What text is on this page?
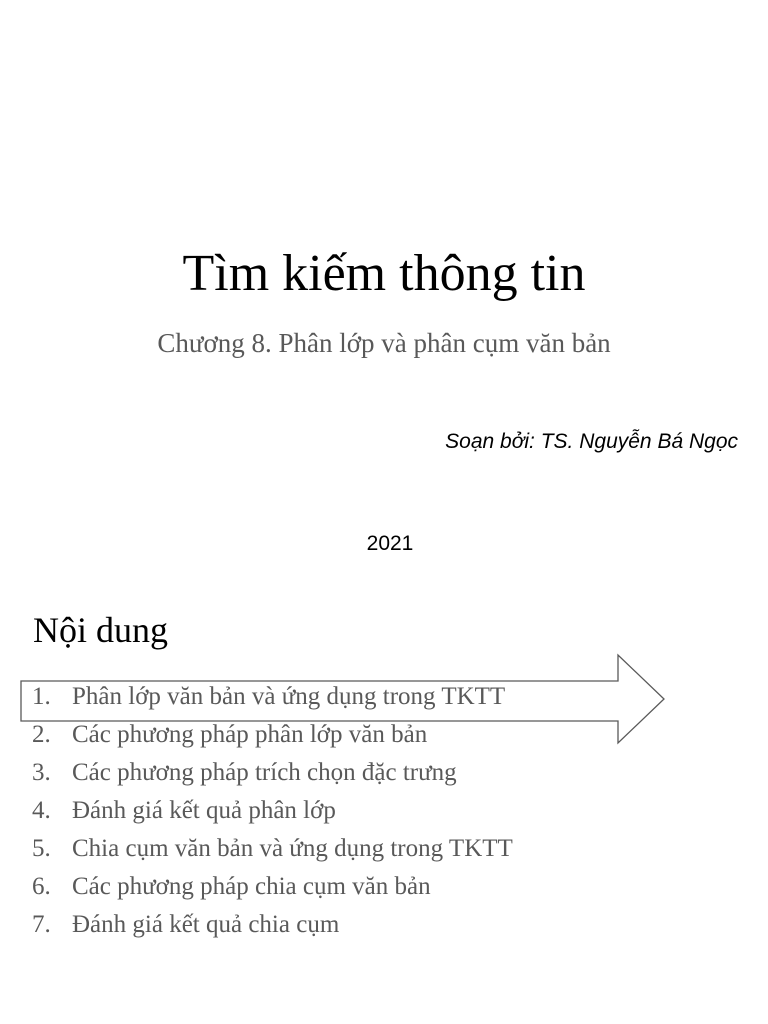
Tìm kiếm thông tin
Chương 8. Phân lớp và phân cụm văn bản
Soạn bởi: TS. Nguyễn Bá Ngọc
2021
Nội dung
1. Phân lớp văn bản và ứng dụng trong TKTT
2. Các phương pháp phân lớp văn bản
3. Các phương pháp trích chọn đặc trưng
4. Đánh giá kết quả phân lớp
5. Chia cụm văn bản và ứng dụng trong TKTT
6. Các phương pháp chia cụm văn bản
7. Đánh giá kết quả chia cụm
